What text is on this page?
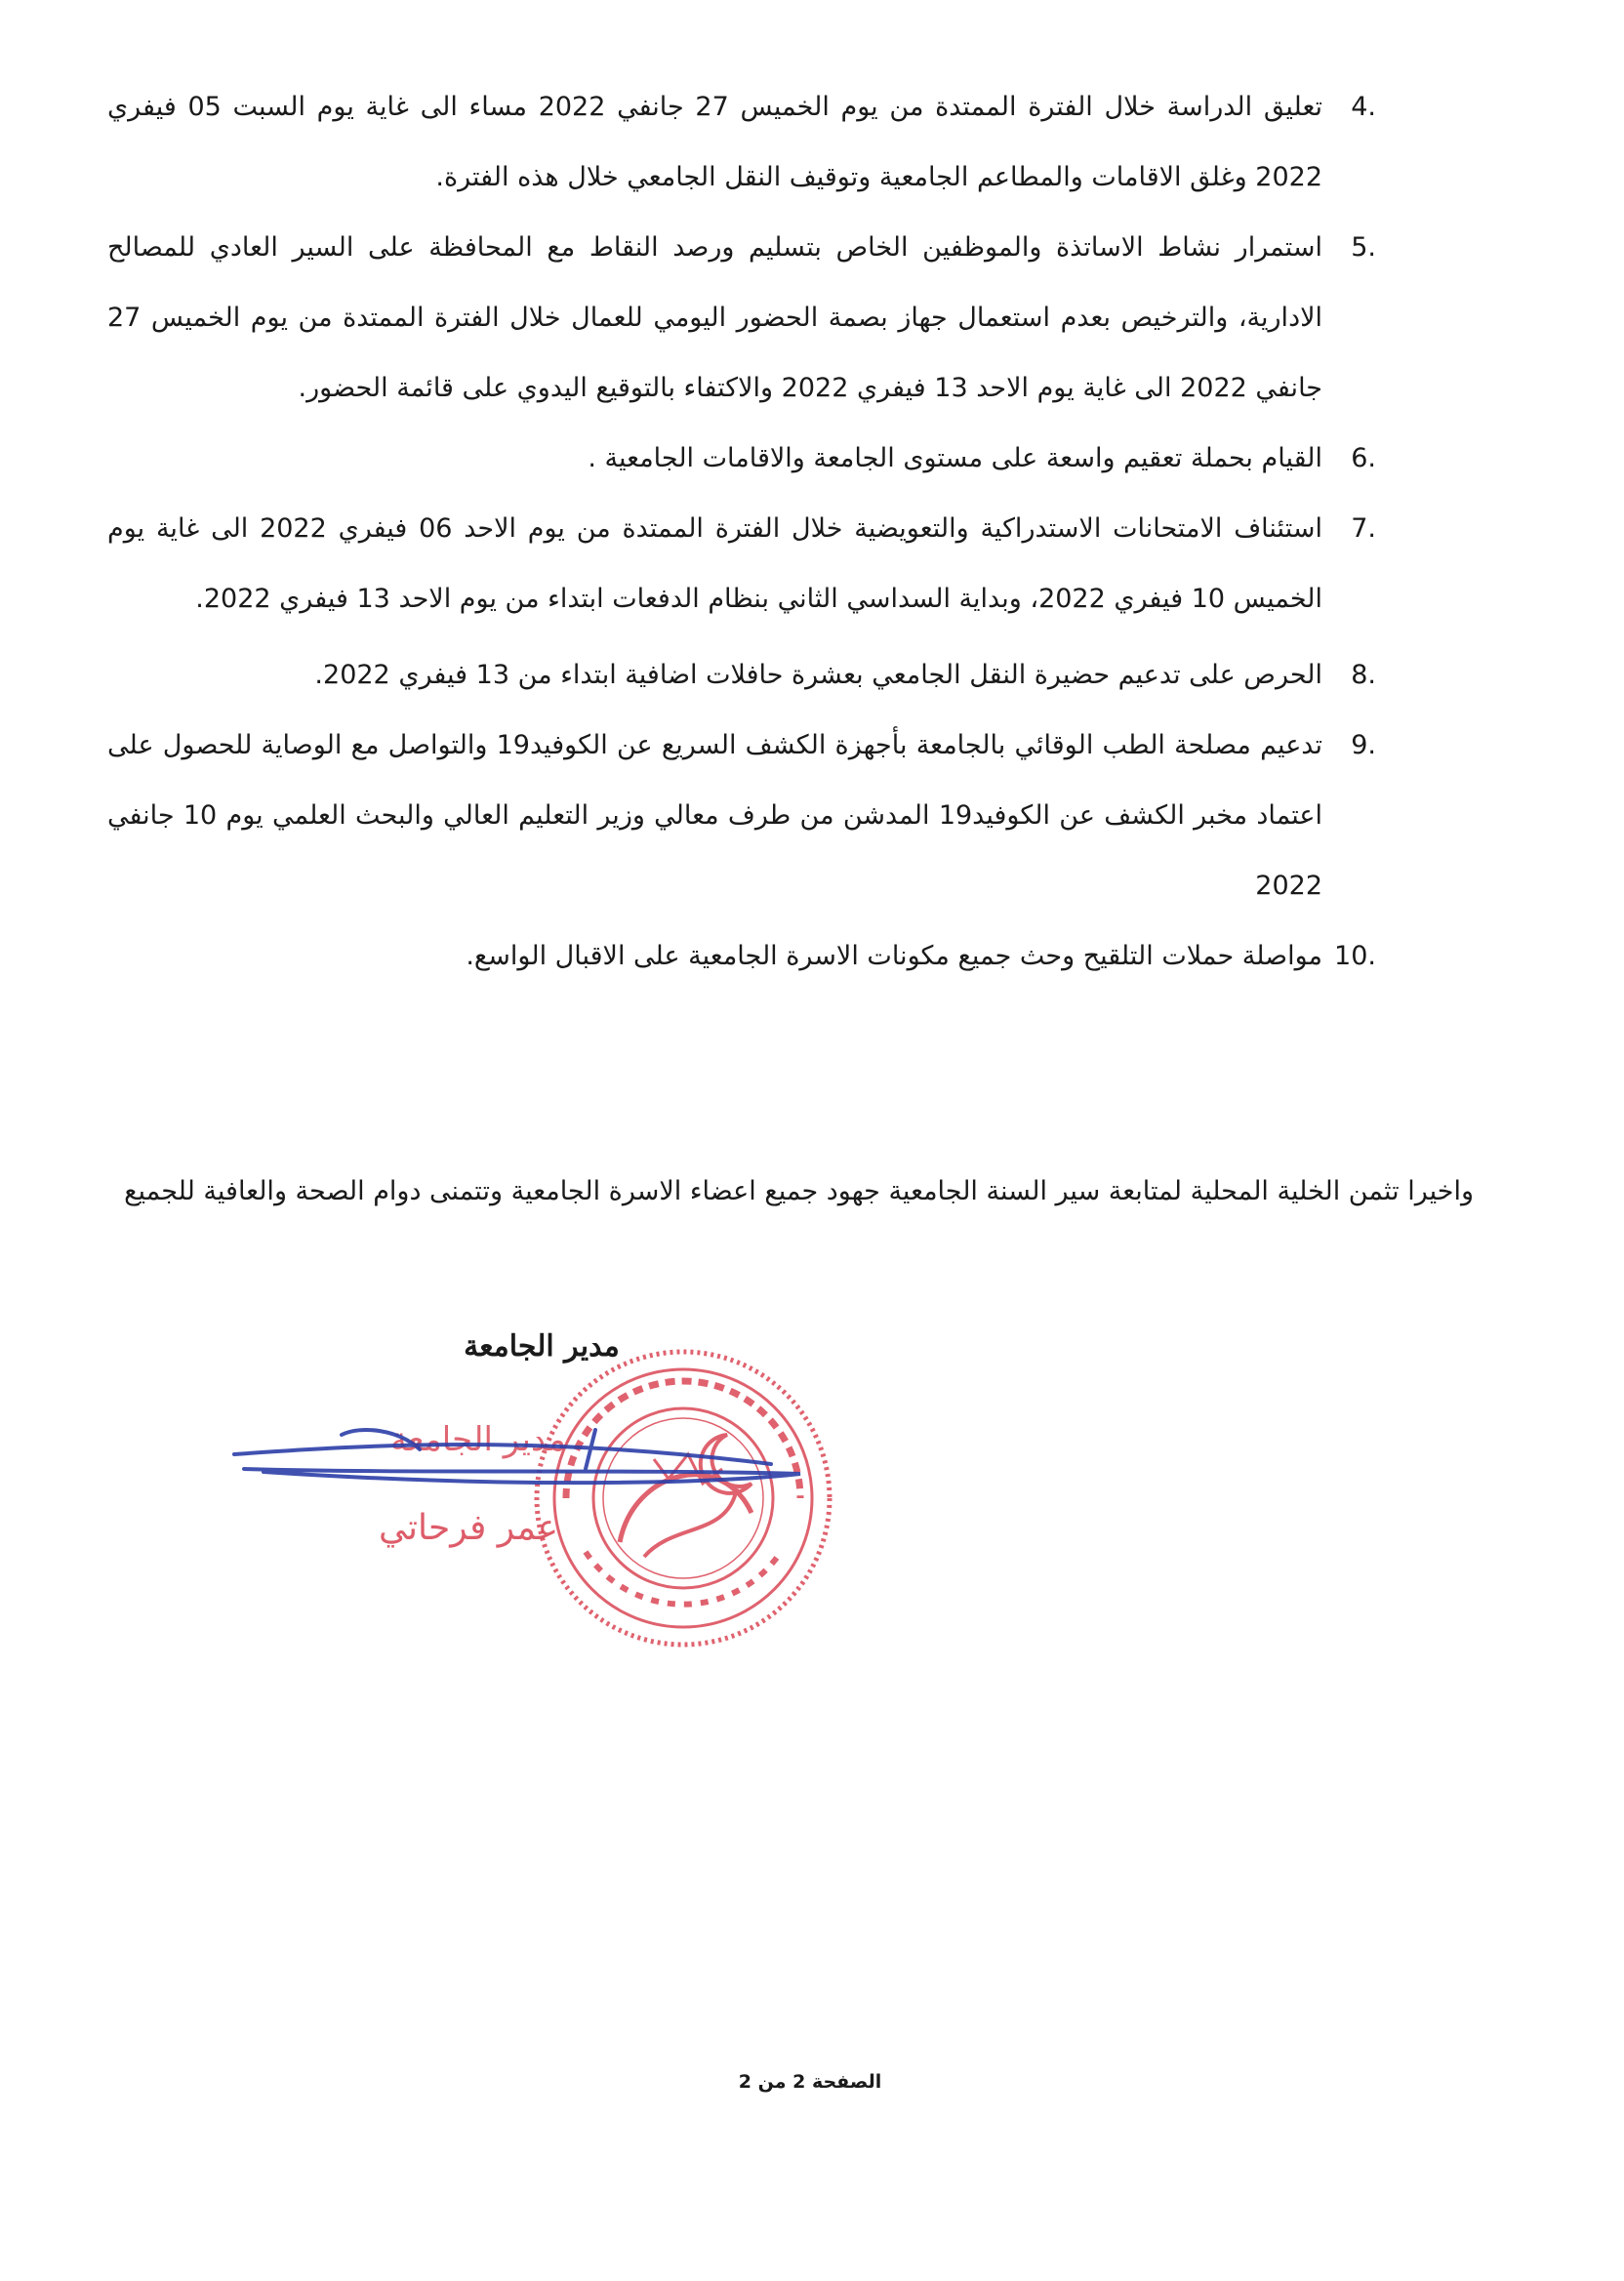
4.
تعليق الدراسة خلال الفترة الممتدة من يوم الخميس 27 جانفي 2022 مساء الى غاية يوم السبت 05 فيفري 2022 وغلق الاقامات والمطاعم الجامعية وتوقيف النقل الجامعي خلال هذه الفترة.
5.
استمرار نشاط الاساتذة والموظفين الخاص بتسليم ورصد النقاط مع المحافظة على السير العادي للمصالح الادارية، والترخيص بعدم استعمال جهاز بصمة الحضور اليومي للعمال خلال الفترة الممتدة من يوم الخميس 27 جانفي 2022 الى غاية يوم الاحد 13 فيفري 2022 والاكتفاء بالتوقيع اليدوي على قائمة الحضور.
6.
القيام بحملة تعقيم واسعة على مستوى الجامعة والاقامات الجامعية .
7.
استئناف الامتحانات الاستدراكية والتعويضية خلال الفترة الممتدة من يوم الاحد 06 فيفري 2022 الى غاية يوم الخميس 10 فيفري 2022، وبداية السداسي الثاني بنظام الدفعات ابتداء من يوم الاحد 13 فيفري 2022.
8.
الحرص على تدعيم حضيرة النقل الجامعي بعشرة حافلات اضافية ابتداء من 13 فيفري 2022.
9.
تدعيم مصلحة الطب الوقائي بالجامعة بأجهزة الكشف السريع عن الكوفيد19 والتواصل مع الوصاية للحصول على اعتماد مخبر الكشف عن الكوفيد19 المدشن من طرف معالي وزير التعليم العالي والبحث العلمي يوم 10 جانفي 2022
10.
مواصلة حملات التلقيح وحث جميع مكونات الاسرة الجامعية على الاقبال الواسع.

واخيرا تثمن الخلية المحلية لمتابعة سير السنة الجامعية جهود جميع اعضاء الاسرة الجامعية وتتمنى دوام الصحة والعافية للجميع

مدير الجامعة
مدير الجامعة
عمر فرحاتي
الصفحة 2 من 2
